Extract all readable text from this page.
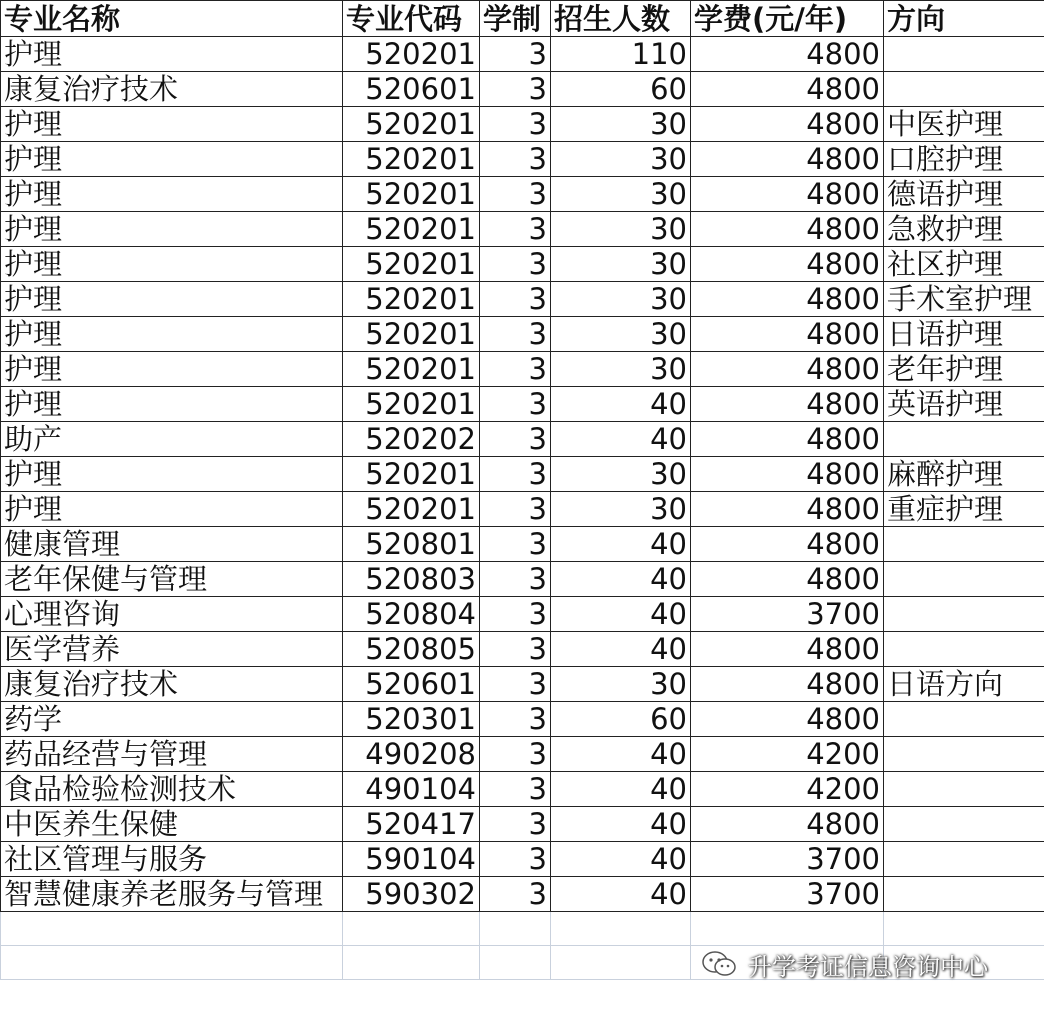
专业名称	专业代码	学制	招生人数	学费(元/年)	方向
护理	520201	3	110	4800	
康复治疗技术	520601	3	60	4800	
护理	520201	3	30	4800	中医护理
护理	520201	3	30	4800	口腔护理
护理	520201	3	30	4800	德语护理
护理	520201	3	30	4800	急救护理
护理	520201	3	30	4800	社区护理
护理	520201	3	30	4800	手术室护理
护理	520201	3	30	4800	日语护理
护理	520201	3	30	4800	老年护理
护理	520201	3	40	4800	英语护理
助产	520202	3	40	4800	
护理	520201	3	30	4800	麻醉护理
护理	520201	3	30	4800	重症护理
健康管理	520801	3	40	4800	
老年保健与管理	520803	3	40	4800	
心理咨询	520804	3	40	3700	
医学营养	520805	3	40	4800	
康复治疗技术	520601	3	30	4800	日语方向
药学	520301	3	60	4800	
药品经营与管理	490208	3	40	4200	
食品检验检测技术	490104	3	40	4200	
中医养生保健	520417	3	40	4800	
社区管理与服务	590104	3	40	3700	
智慧健康养老服务与管理	590302	3	40	3700	

升学考证信息咨询中心
